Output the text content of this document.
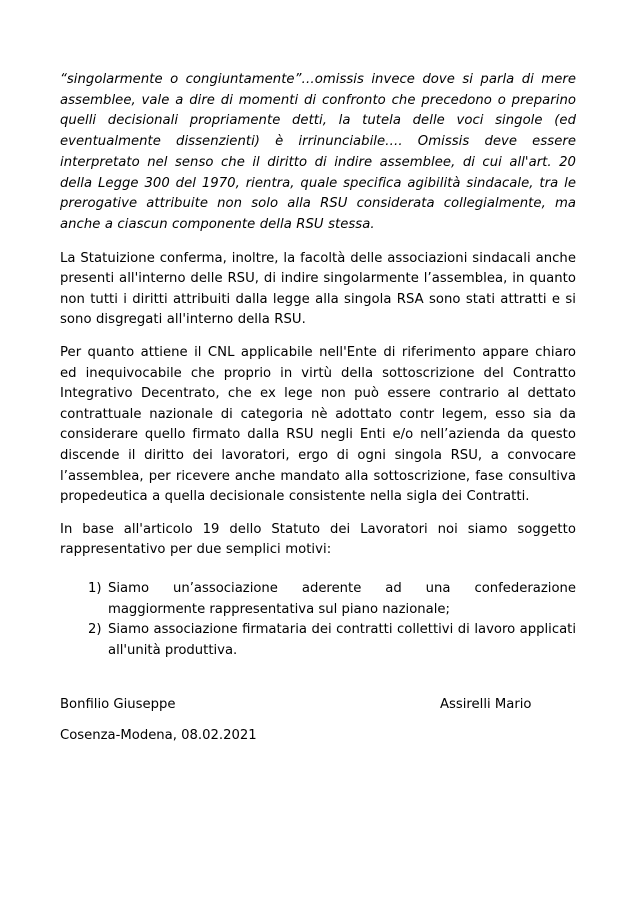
“singolarmente o congiuntamente”…omissis invece dove si parla di mere assemblee, vale a dire di momenti di confronto che precedono o preparino quelli decisionali propriamente detti, la tutela delle voci singole (ed eventualmente dissenzienti) è irrinunciabile…. Omissis deve essere interpretato nel senso che il diritto di indire assemblee, di cui all'art. 20 della Legge 300 del 1970, rientra, quale specifica agibilità sindacale, tra le prerogative attribuite non solo alla RSU considerata collegialmente, ma anche a ciascun componente della RSU stessa.

La Statuizione conferma, inoltre, la facoltà delle associazioni sindacali anche presenti all'interno delle RSU, di indire singolarmente l’assemblea, in quanto non tutti i diritti attribuiti dalla legge alla singola RSA sono stati attratti e si sono disgregati all'interno della RSU.

Per quanto attiene il CNL applicabile nell'Ente di riferimento appare chiaro ed inequivocabile che proprio in virtù della sottoscrizione del Contratto Integrativo Decentrato, che ex lege non può essere contrario al dettato contrattuale nazionale di categoria nè adottato contr legem, esso sia da considerare quello firmato dalla RSU negli Enti e/o nell’azienda da questo discende il diritto dei lavoratori, ergo di ogni singola RSU, a convocare l’assemblea, per ricevere anche mandato alla sottoscrizione, fase consultiva propedeutica a quella decisionale consistente nella sigla dei Contratti.

In base all'articolo 19 dello Statuto dei Lavoratori noi siamo soggetto rappresentativo per due semplici motivi:

1) Siamo un’associazione aderente ad una confederazione maggiormente rappresentativa sul piano nazionale;
2) Siamo associazione firmataria dei contratti collettivi di lavoro applicati all'unità produttiva.
Bonfilio Giuseppe	Assirelli Mario
Cosenza-Modena, 08.02.2021
